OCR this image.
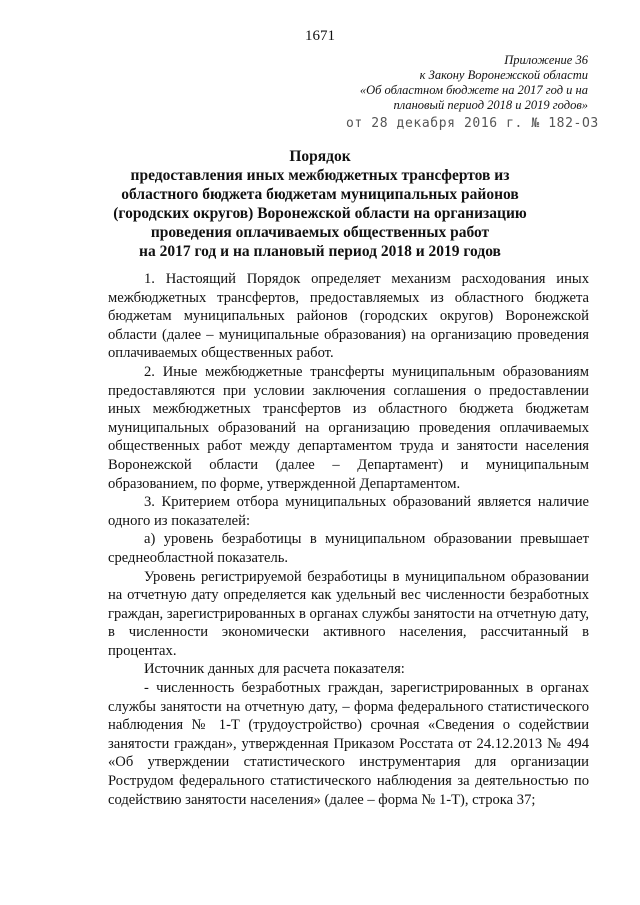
1671
Приложение 36
к Закону Воронежской области
«Об областном бюджете на 2017 год и на
плановый период 2018 и 2019 годов»
от 28 декабря 2016 г. № 182-ОЗ
Порядок
предоставления иных межбюджетных трансфертов из
областного бюджета бюджетам муниципальных районов
(городских округов) Воронежской области на организацию
проведения оплачиваемых общественных работ
на 2017 год и на плановый период 2018 и 2019 годов

1. Настоящий Порядок определяет механизм расходования иных межбюджетных трансфертов, предоставляемых из областного бюджета бюджетам муниципальных районов (городских округов) Воронежской области (далее – муниципальные образования) на организацию проведения оплачиваемых общественных работ.

2. Иные межбюджетные трансферты муниципальным образованиям предоставляются при условии заключения соглашения о предоставлении иных межбюджетных трансфертов из областного бюджета бюджетам муниципальных образований на организацию проведения оплачиваемых общественных работ между департаментом труда и занятости населения Воронежской области (далее – Департамент) и муниципальным образованием, по форме, утвержденной Департаментом.

3. Критерием отбора муниципальных образований является наличие одного из показателей:

а) уровень безработицы в муниципальном образовании превышает среднеобластной показатель.

Уровень регистрируемой безработицы в муниципальном образовании на отчетную дату определяется как удельный вес численности безработных граждан, зарегистрированных в органах службы занятости на отчетную дату, в численности экономически активного населения, рассчитанный в процентах.

Источник данных для расчета показателя:

- численность безработных граждан, зарегистрированных в органах службы занятости на отчетную дату, – форма федерального статистического наблюдения № 1-Т (трудоустройство) срочная «Сведения о содействии занятости граждан», утвержденная Приказом Росстата от 24.12.2013 № 494 «Об утверждении статистического инструментария для организации Рострудом федерального статистического наблюдения за деятельностью по содействию занятости населения» (далее – форма № 1-Т), строка 37;
